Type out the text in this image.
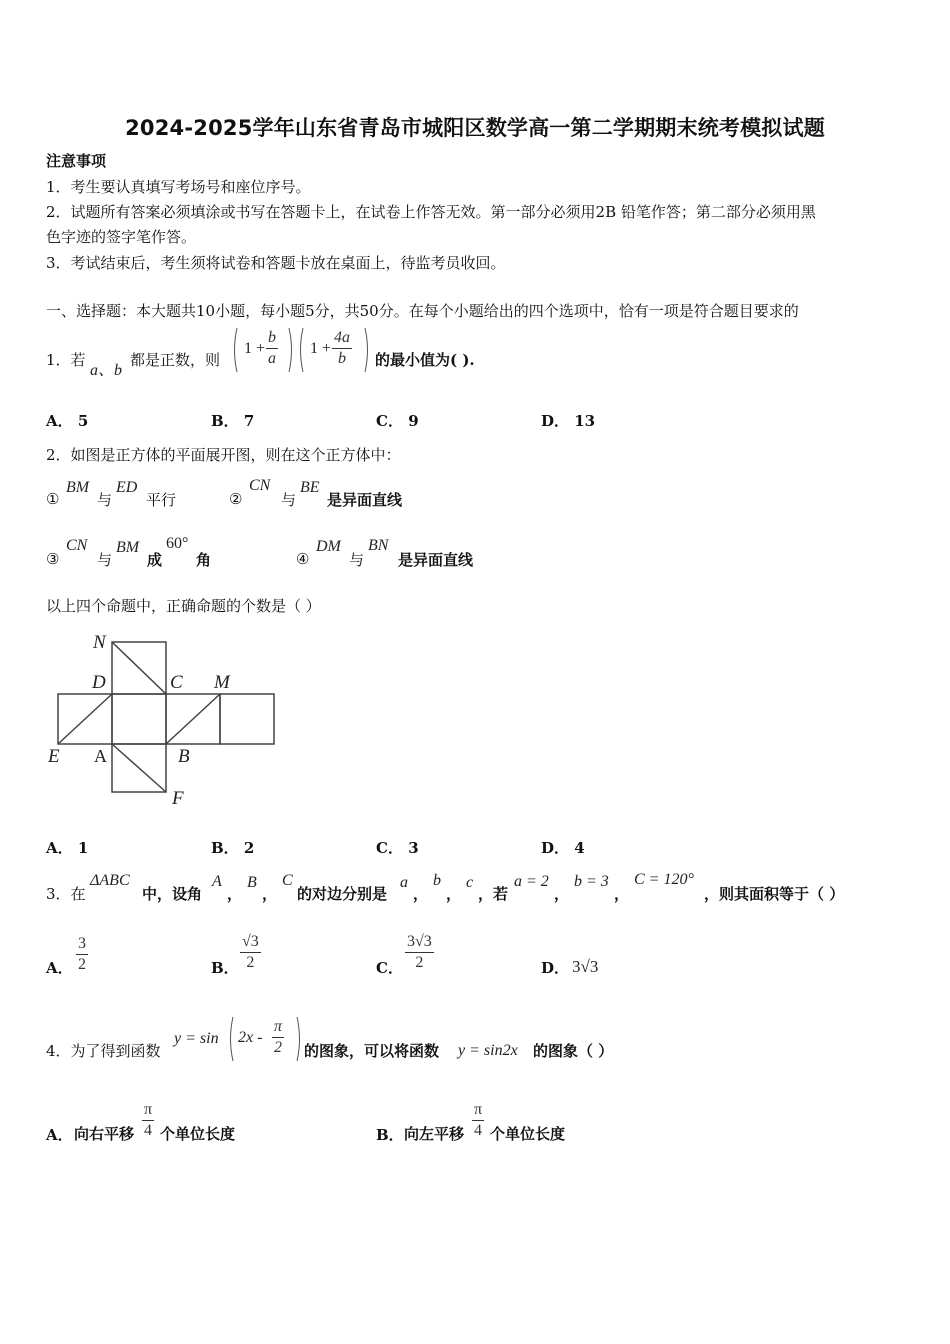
2024-2025学年山东省青岛市城阳区数学高一第二学期期末统考模拟试题
注意事项
1．考生要认真填写考场号和座位序号。
2．试题所有答案必须填涂或书写在答题卡上，在试卷上作答无效。第一部分必须用2B 铅笔作答；第二部分必须用黑
色字迹的签字笔作答。
3．考试结束后，考生须将试卷和答题卡放在桌面上，待监考员收回。
一、选择题：本大题共10小题，每小题5分，共50分。在每个小题给出的四个选项中，恰有一项是符合题目要求的
1．若
a、b
都是正数，则
$1 + \frac{b}{a} 1 + \frac{4a}{b}$ 的最小值为( ).
A． 5	B． 7	C． 9	D． 13
2．如图是正方体的平面展开图，则在这个正方体中：
①
BM
与
ED
平行	②
CN
与
BE
是异面直线
③
CN
与
BM
成
60°
角	④
DM
与
BN
是异面直线
以上四个命题中，正确命题的个数是（ ）
N
D	C M
E A	B
F
A． 1	B． 2	C． 3	D． 4
3．在
ΔABC
中，设角
A
，
B
，
C
的对边分别是
a
，
b
，
c
，若
a = 2
，
b = 3
，
C = 120°
，则其面积等于（ ）
A． $\frac{3}{2}$	B． $\frac{√3}{2}$	C． $\frac{3√3}{2}$	D． 3√3
4．为了得到函数
$y = \sin 2x - \frac{\pi}{2}$ 的图象，可以将函数 y = sin2x 的图象（ ）
A． 向右平移 $\frac{\pi}{4}$ 个单位长度	B． 向左平移 $\frac{\pi}{4}$ 个单位长度
